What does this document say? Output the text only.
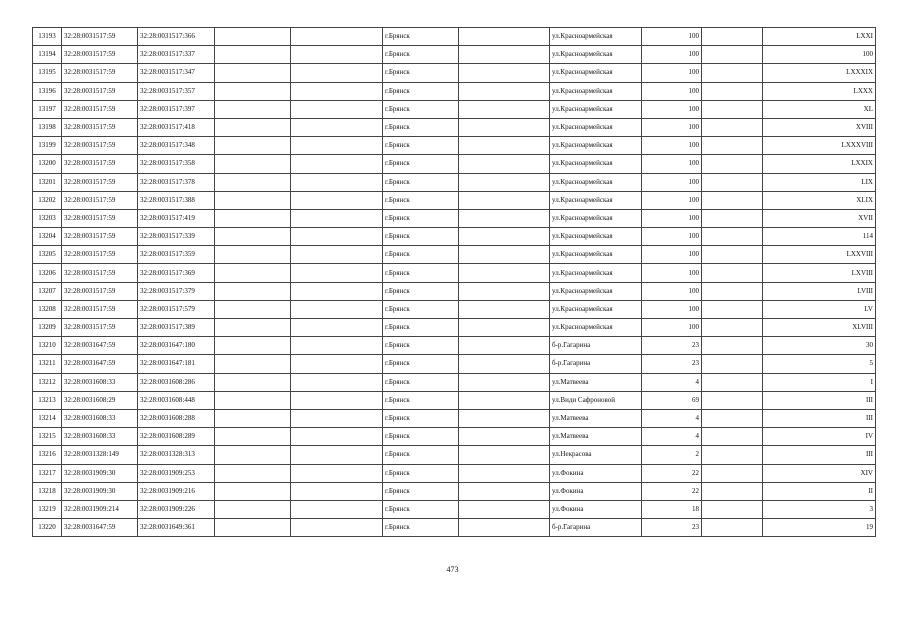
13193	32:28:0031517:59	32:28:0031517:366			г.Брянск		ул.Красноармейская	100		LXXI
13194	32:28:0031517:59	32:28:0031517:337			г.Брянск		ул.Красноармейская	100		100
13195	32:28:0031517:59	32:28:0031517:347			г.Брянск		ул.Красноармейская	100		LXXXIX
13196	32:28:0031517:59	32:28:0031517:357			г.Брянск		ул.Красноармейская	100		LXXX
13197	32:28:0031517:59	32:28:0031517:397			г.Брянск		ул.Красноармейская	100		XL
13198	32:28:0031517:59	32:28:0031517:418			г.Брянск		ул.Красноармейская	100		XVIII
13199	32:28:0031517:59	32:28:0031517:348			г.Брянск		ул.Красноармейская	100		LXXXVIII
13200	32:28:0031517:59	32:28:0031517:358			г.Брянск		ул.Красноармейская	100		LXXIX
13201	32:28:0031517:59	32:28:0031517:378			г.Брянск		ул.Красноармейская	100		LIX
13202	32:28:0031517:59	32:28:0031517:388			г.Брянск		ул.Красноармейская	100		XLIX
13203	32:28:0031517:59	32:28:0031517:419			г.Брянск		ул.Красноармейская	100		XVII
13204	32:28:0031517:59	32:28:0031517:339			г.Брянск		ул.Красноармейская	100		114
13205	32:28:0031517:59	32:28:0031517:359			г.Брянск		ул.Красноармейская	100		LXXVIII
13206	32:28:0031517:59	32:28:0031517:369			г.Брянск		ул.Красноармейская	100		LXVIII
13207	32:28:0031517:59	32:28:0031517:379			г.Брянск		ул.Красноармейская	100		LVIII
13208	32:28:0031517:59	32:28:0031517:579			г.Брянск		ул.Красноармейская	100		LV
13209	32:28:0031517:59	32:28:0031517:389			г.Брянск		ул.Красноармейская	100		XLVIII
13210	32:28:0031647:59	32:28:0031647:180			г.Брянск		б-р.Гагарина	23		30
13211	32:28:0031647:59	32:28:0031647:181			г.Брянск		б-р.Гагарина	23		5
13212	32:28:0031608:33	32:28:0031608:286			г.Брянск		ул.Матвеева	4		I
13213	32:28:0031608:29	32:28:0031608:448			г.Брянск		ул.Види Сафроновой	69		III
13214	32:28:0031608:33	32:28:0031608:288			г.Брянск		ул.Матвеева	4		III
13215	32:28:0031608:33	32:28:0031608:289			г.Брянск		ул.Матвеева	4		IV
13216	32:28:0031328:149	32:28:0031328:313			г.Брянск		ул.Некрасова	2		III
13217	32:28:0031909:30	32:28:0031909:253			г.Брянск		ул.Фокина	22		XIV
13218	32:28:0031909:30	32:28:0031909:216			г.Брянск		ул.Фокина	22		II
13219	32:28:0031909:214	32:28:0031909:226			г.Брянск		ул.Фокина	18		3
13220	32:28:0031647:59	32:28:0031649:361			г.Брянск		б-р.Гагарина	23		19
473
